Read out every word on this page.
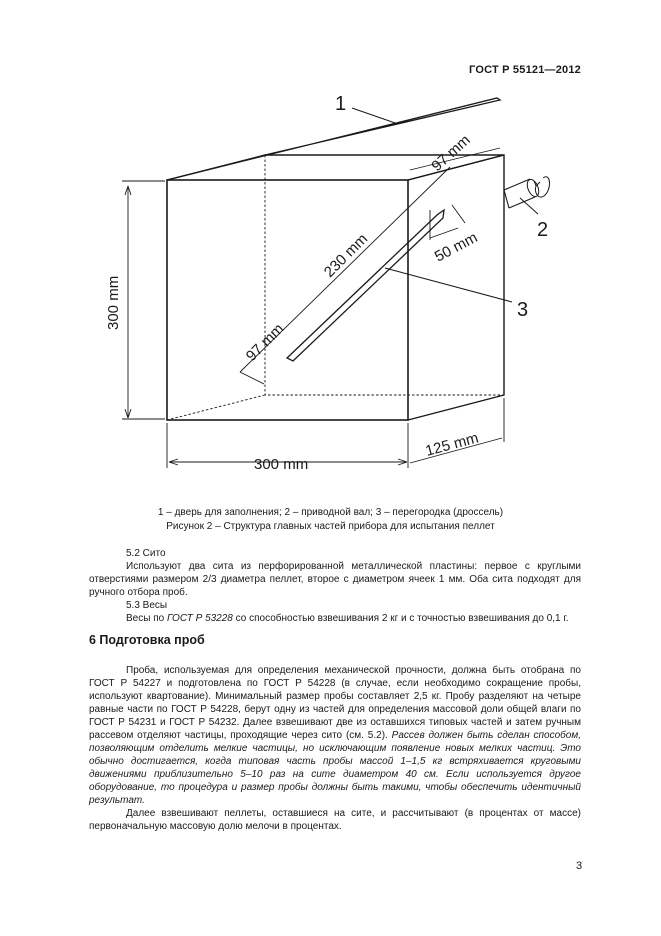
ГОСТ Р 55121—2012
1
2
3
97 mm
230 mm	50 mm
97 mm
300 mm
300 mm
125 mm
1 – дверь для заполнения; 2 – приводной вал; 3 – перегородка (дроссель)
Рисунок 2 – Структура главных частей прибора для испытания пеллет
5.2 Сито
Используют два сита из перфорированной металлической пластины: первое с круглыми отверстиями размером 2/3 диаметра пеллет, второе с диаметром ячеек 1 мм. Оба сита подходят для ручного отбора проб.
5.3 Весы
Весы по ГОСТ Р 53228 со способностью взвешивания 2 кг и с точностью взвешивания до 0,1 г.
6 Подготовка проб
Проба, используемая для определения механической прочности, должна быть отобрана по ГОСТ Р 54227 и подготовлена по ГОСТ Р 54228 (в случае, если необходимо сокращение пробы, используют квартование). Минимальный размер пробы составляет 2,5 кг. Пробу разделяют на четыре равные части по ГОСТ Р 54228, берут одну из частей для определения массовой доли общей влаги по ГОСТ Р 54231 и ГОСТ Р 54232. Далее взвешивают две из оставшихся типовых частей и затем ручным рассевом отделяют частицы, проходящие через сито (см. 5.2). Рассев должен быть сделан способом, позволяющим отделить мелкие частицы, но исключающим появление новых мелких частиц. Это обычно достигается, когда типовая часть пробы массой 1–1,5 кг встряхивается круговыми движениями приблизительно 5–10 раз на сите диаметром 40 см. Если используется другое оборудование, то процедура и размер пробы должны быть такими, чтобы обеспечить идентичный результат.
Далее взвешивают пеллеты, оставшиеся на сите, и рассчитывают (в процентах от массе) первоначальную массовую долю мелочи в процентах.
3
